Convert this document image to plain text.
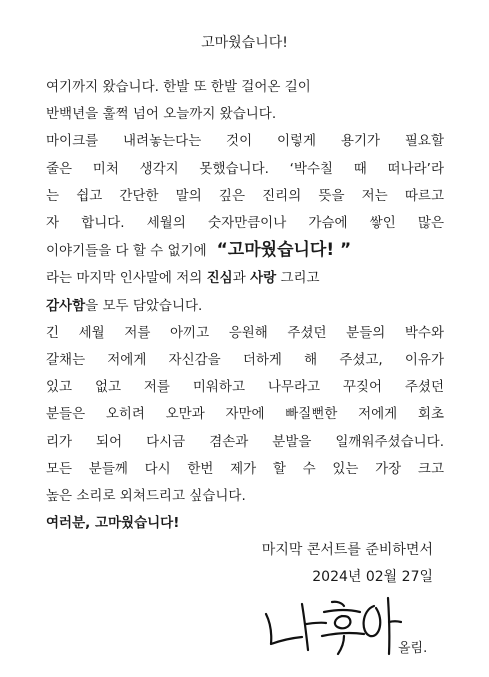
고마웠습니다!
여기까지 왔습니다. 한발 또 한발 걸어온 길이
반백년을 훌쩍 넘어 오늘까지 왔습니다.
마이크를 내려놓는다는 것이 이렇게 용기가 필요할
줄은 미처 생각지 못했습니다. ‘박수칠 때 떠나라’라
는 쉽고 간단한 말의 깊은 진리의 뜻을 저는 따르고
자 합니다. 세월의 숫자만큼이나 가슴에 쌓인 많은
이야기들을 다 할 수 없기에 “고마웠습니다! ”
라는 마지막 인사말에 저의 진심과 사랑 그리고
감사함을 모두 담았습니다.
긴 세월 저를 아끼고 응원해 주셨던 분들의 박수와
갈채는 저에게 자신감을 더하게 해 주셨고, 이유가
있고 없고 저를 미워하고 나무라고 꾸짖어 주셨던
분들은 오히려 오만과 자만에 빠질뻔한 저에게 회초
리가 되어 다시금 겸손과 분발을 일깨워주셨습니다.
모든 분들께 다시 한번 제가 할 수 있는 가장 크고
높은 소리로 외쳐드리고 싶습니다.
여러분, 고마웠습니다!
마지막 콘서트를 준비하면서
2024년 02월 27일
올림.
